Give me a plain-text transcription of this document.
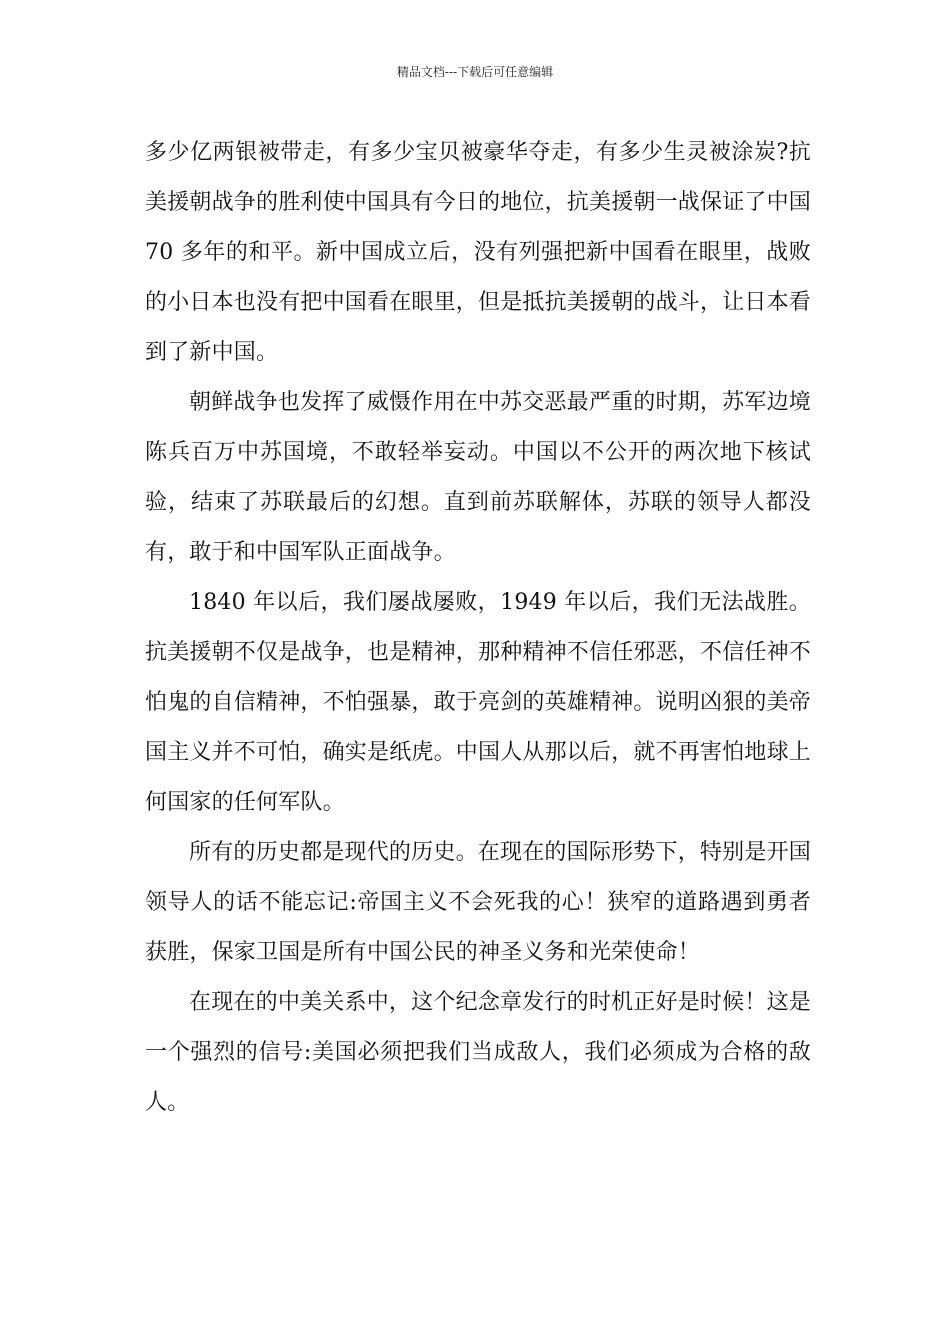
精品文档---下载后可任意编辑

多少亿两银被带走，有多少宝贝被豪华夺走，有多少生灵被涂炭?抗美援朝战争的胜利使中国具有今日的地位，抗美援朝一战保证了中国 70 多年的和平。新中国成立后，没有列强把新中国看在眼里，战败的小日本也没有把中国看在眼里，但是抵抗美援朝的战斗，让日本看到了新中国。

朝鲜战争也发挥了威慑作用在中苏交恶最严重的时期，苏军边境陈兵百万中苏国境，不敢轻举妄动。中国以不公开的两次地下核试验，结束了苏联最后的幻想。直到前苏联解体，苏联的领导人都没有，敢于和中国军队正面战争。

1840 年以后，我们屡战屡败，1949 年以后，我们无法战胜。抗美援朝不仅是战争，也是精神，那种精神不信任邪恶，不信任神不怕鬼的自信精神，不怕强暴，敢于亮剑的英雄精神。说明凶狠的美帝国主义并不可怕，确实是纸虎。中国人从那以后，就不再害怕地球上何国家的任何军队。

所有的历史都是现代的历史。在现在的国际形势下，特别是开国领导人的话不能忘记:帝国主义不会死我的心！狭窄的道路遇到勇者获胜，保家卫国是所有中国公民的神圣义务和光荣使命！

在现在的中美关系中，这个纪念章发行的时机正好是时候！这是一个强烈的信号:美国必须把我们当成敌人，我们必须成为合格的敌人。
